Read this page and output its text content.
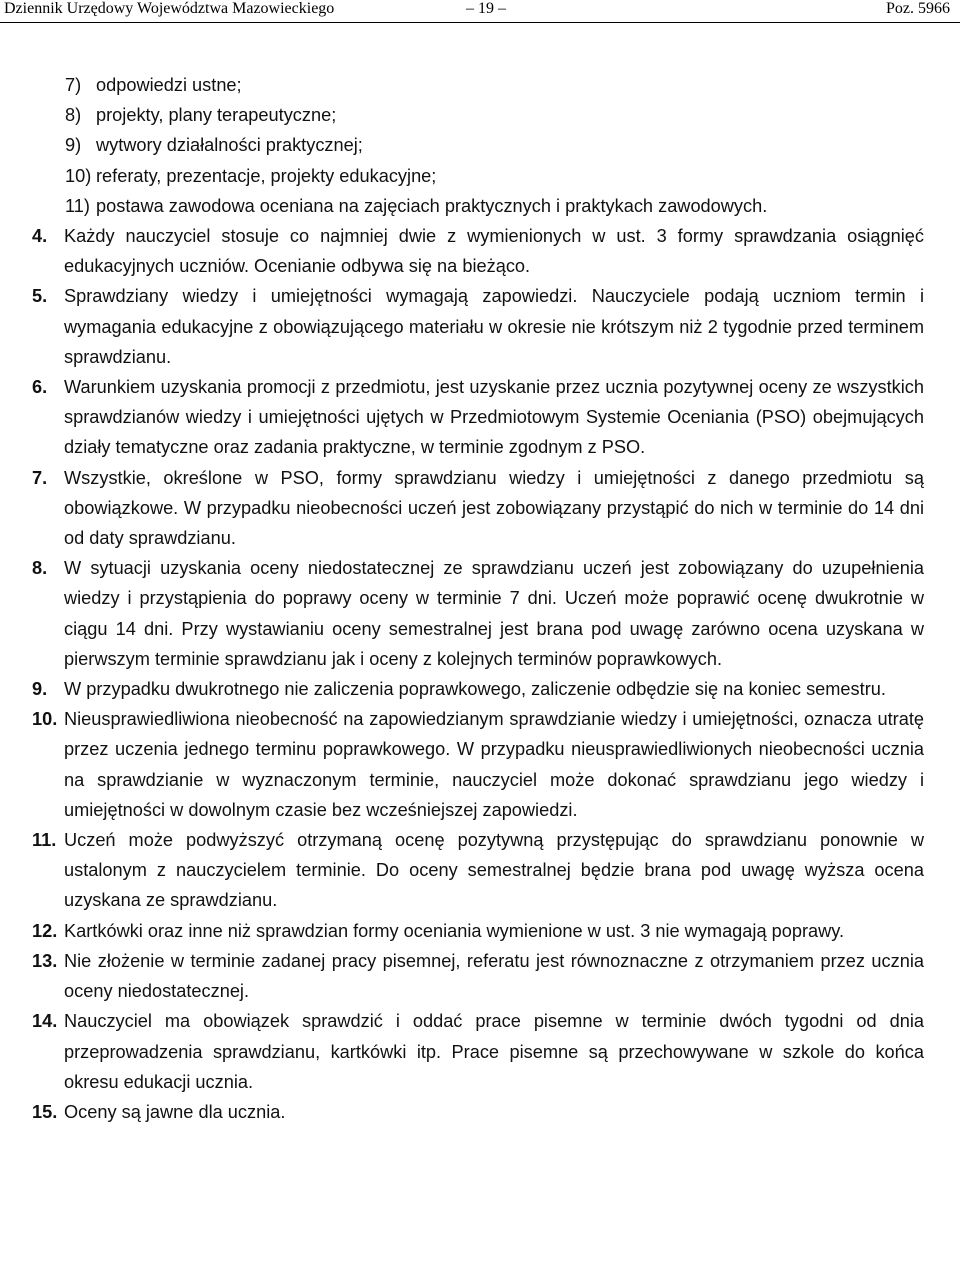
Dziennik Urzędowy Województwa Mazowieckiego	– 19 –	Poz. 5966
7) odpowiedzi ustne;
8) projekty, plany terapeutyczne;
9) wytwory działalności praktycznej;
10) referaty, prezentacje, projekty edukacyjne;
11) postawa zawodowa oceniana na zajęciach praktycznych i praktykach zawodowych.
4. Każdy nauczyciel stosuje co najmniej dwie z wymienionych w ust. 3 formy sprawdzania osiągnięć edukacyjnych uczniów. Ocenianie odbywa się na bieżąco.
5. Sprawdziany wiedzy i umiejętności wymagają zapowiedzi. Nauczyciele podają uczniom termin i wymagania edukacyjne z obowiązującego materiału w okresie nie krótszym niż 2 tygodnie przed terminem sprawdzianu.
6. Warunkiem uzyskania promocji z przedmiotu, jest uzyskanie przez ucznia pozytywnej oceny ze wszystkich sprawdzianów wiedzy i umiejętności ujętych w Przedmiotowym Systemie Oceniania (PSO) obejmujących działy tematyczne oraz zadania praktyczne, w terminie zgodnym z PSO.
7. Wszystkie, określone w PSO, formy sprawdzianu wiedzy i umiejętności z danego przedmiotu są obowiązkowe. W przypadku nieobecności uczeń jest zobowiązany przystąpić do nich w terminie do 14 dni od daty sprawdzianu.
8. W sytuacji uzyskania oceny niedostatecznej ze sprawdzianu uczeń jest zobowiązany do uzupełnienia wiedzy i przystąpienia do poprawy oceny w terminie 7 dni. Uczeń może poprawić ocenę dwukrotnie w ciągu 14 dni. Przy wystawianiu oceny semestralnej jest brana pod uwagę zarówno ocena uzyskana w pierwszym terminie sprawdzianu jak i oceny z kolejnych terminów poprawkowych.
9. W przypadku dwukrotnego nie zaliczenia poprawkowego, zaliczenie odbędzie się na koniec semestru.
10. Nieusprawiedliwiona nieobecność na zapowiedzianym sprawdzianie wiedzy i umiejętności, oznacza utratę przez uczenia jednego terminu poprawkowego. W przypadku nieusprawiedliwionych nieobecności ucznia na sprawdzianie w wyznaczonym terminie, nauczyciel może dokonać sprawdzianu jego wiedzy i umiejętności w dowolnym czasie bez wcześniejszej zapowiedzi.
11. Uczeń może podwyższyć otrzymaną ocenę pozytywną przystępując do sprawdzianu ponownie w ustalonym z nauczycielem terminie. Do oceny semestralnej będzie brana pod uwagę wyższa ocena uzyskana ze sprawdzianu.
12. Kartkówki oraz inne niż sprawdzian formy oceniania wymienione w ust. 3 nie wymagają poprawy.
13. Nie złożenie w terminie zadanej pracy pisemnej, referatu jest równoznaczne z otrzymaniem przez ucznia oceny niedostatecznej.
14. Nauczyciel ma obowiązek sprawdzić i oddać prace pisemne w terminie dwóch tygodni od dnia przeprowadzenia sprawdzianu, kartkówki itp. Prace pisemne są przechowywane w szkole do końca okresu edukacji ucznia.
15. Oceny są jawne dla ucznia.
